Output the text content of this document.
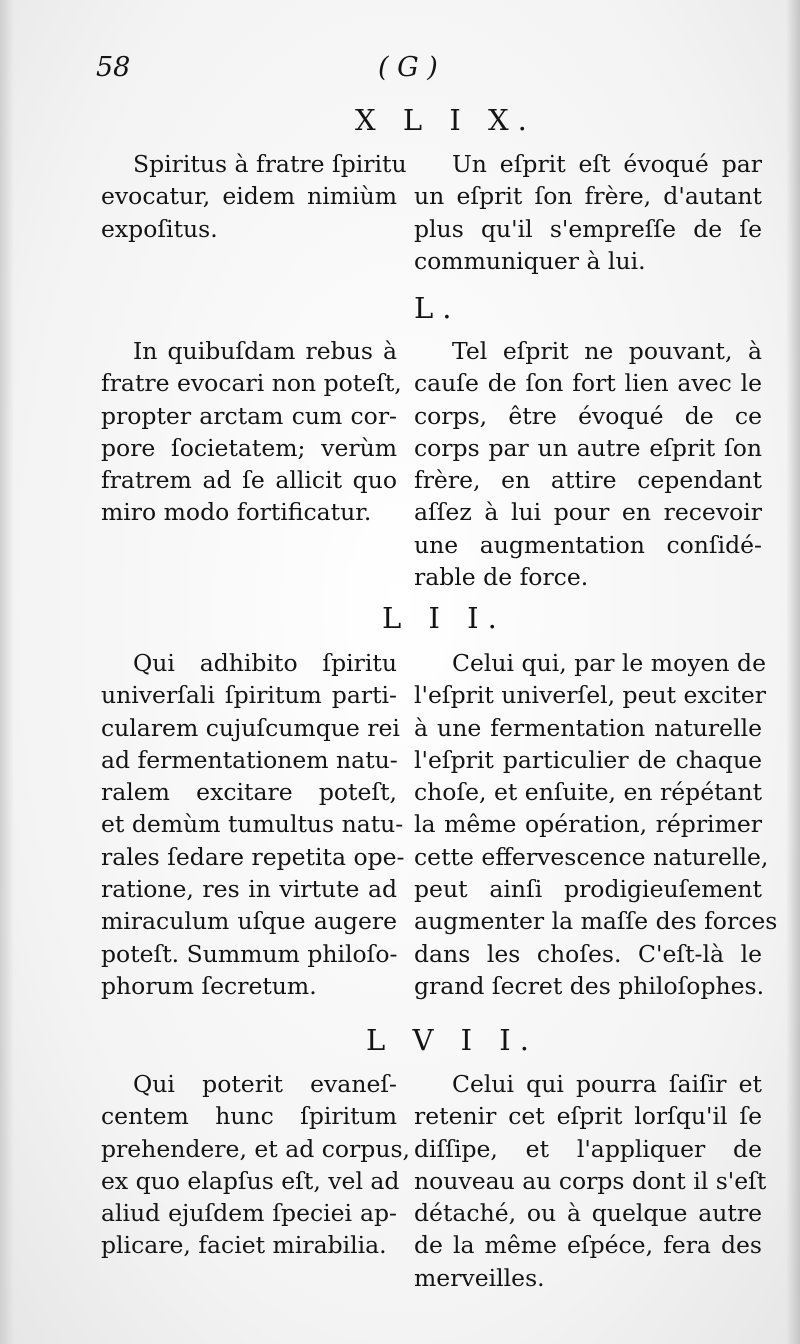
58	( G )
X L I X.
Spiritus à fratre ſpiritu
evocatur, eidem nimiùm
expoſitus.
Un eſprit eſt évoqué par
un eſprit ſon frère, d'autant
plus qu'il s'empreſſe de ſe
communiquer à lui.
L.
In quibuſdam rebus à
fratre evocari non poteſt,
propter arctam cum cor-
pore ſocietatem; verùm
fratrem ad ſe allicit quo
miro modo fortificatur.
Tel eſprit ne pouvant, à
cauſe de ſon fort lien avec le
corps, être évoqué de ce
corps par un autre eſprit ſon
frère, en attire cependant
aſſez à lui pour en recevoir
une augmentation conſidé-
rable de force.
L I I.
Qui adhibito ſpiritu
univerſali ſpiritum parti-
cularem cujuſcumque rei
ad fermentationem natu-
ralem excitare poteſt,
et demùm tumultus natu-
rales ſedare repetita ope-
ratione, res in virtute ad
miraculum uſque augere
poteſt. Summum philoſo-
phorum ſecretum.
Celui qui, par le moyen de
l'eſprit univerſel, peut exciter
à une fermentation naturelle
l'eſprit particulier de chaque
choſe, et enſuite, en répétant
la même opération, réprimer
cette effervescence naturelle,
peut ainſi prodigieuſement
augmenter la maſſe des forces
dans les choſes. C'eſt-là le
grand ſecret des philoſophes.
L V I I.
Qui poterit evaneſ-
centem hunc ſpiritum
prehendere, et ad corpus,
ex quo elapſus eſt, vel ad
aliud ejuſdem ſpeciei ap-
plicare, faciet mirabilia.
Celui qui pourra ſaiſir et
retenir cet eſprit lorſqu'il ſe
diſſipe, et l'appliquer de
nouveau au corps dont il s'eſt
détaché, ou à quelque autre
de la même eſpéce, fera des
merveilles.
